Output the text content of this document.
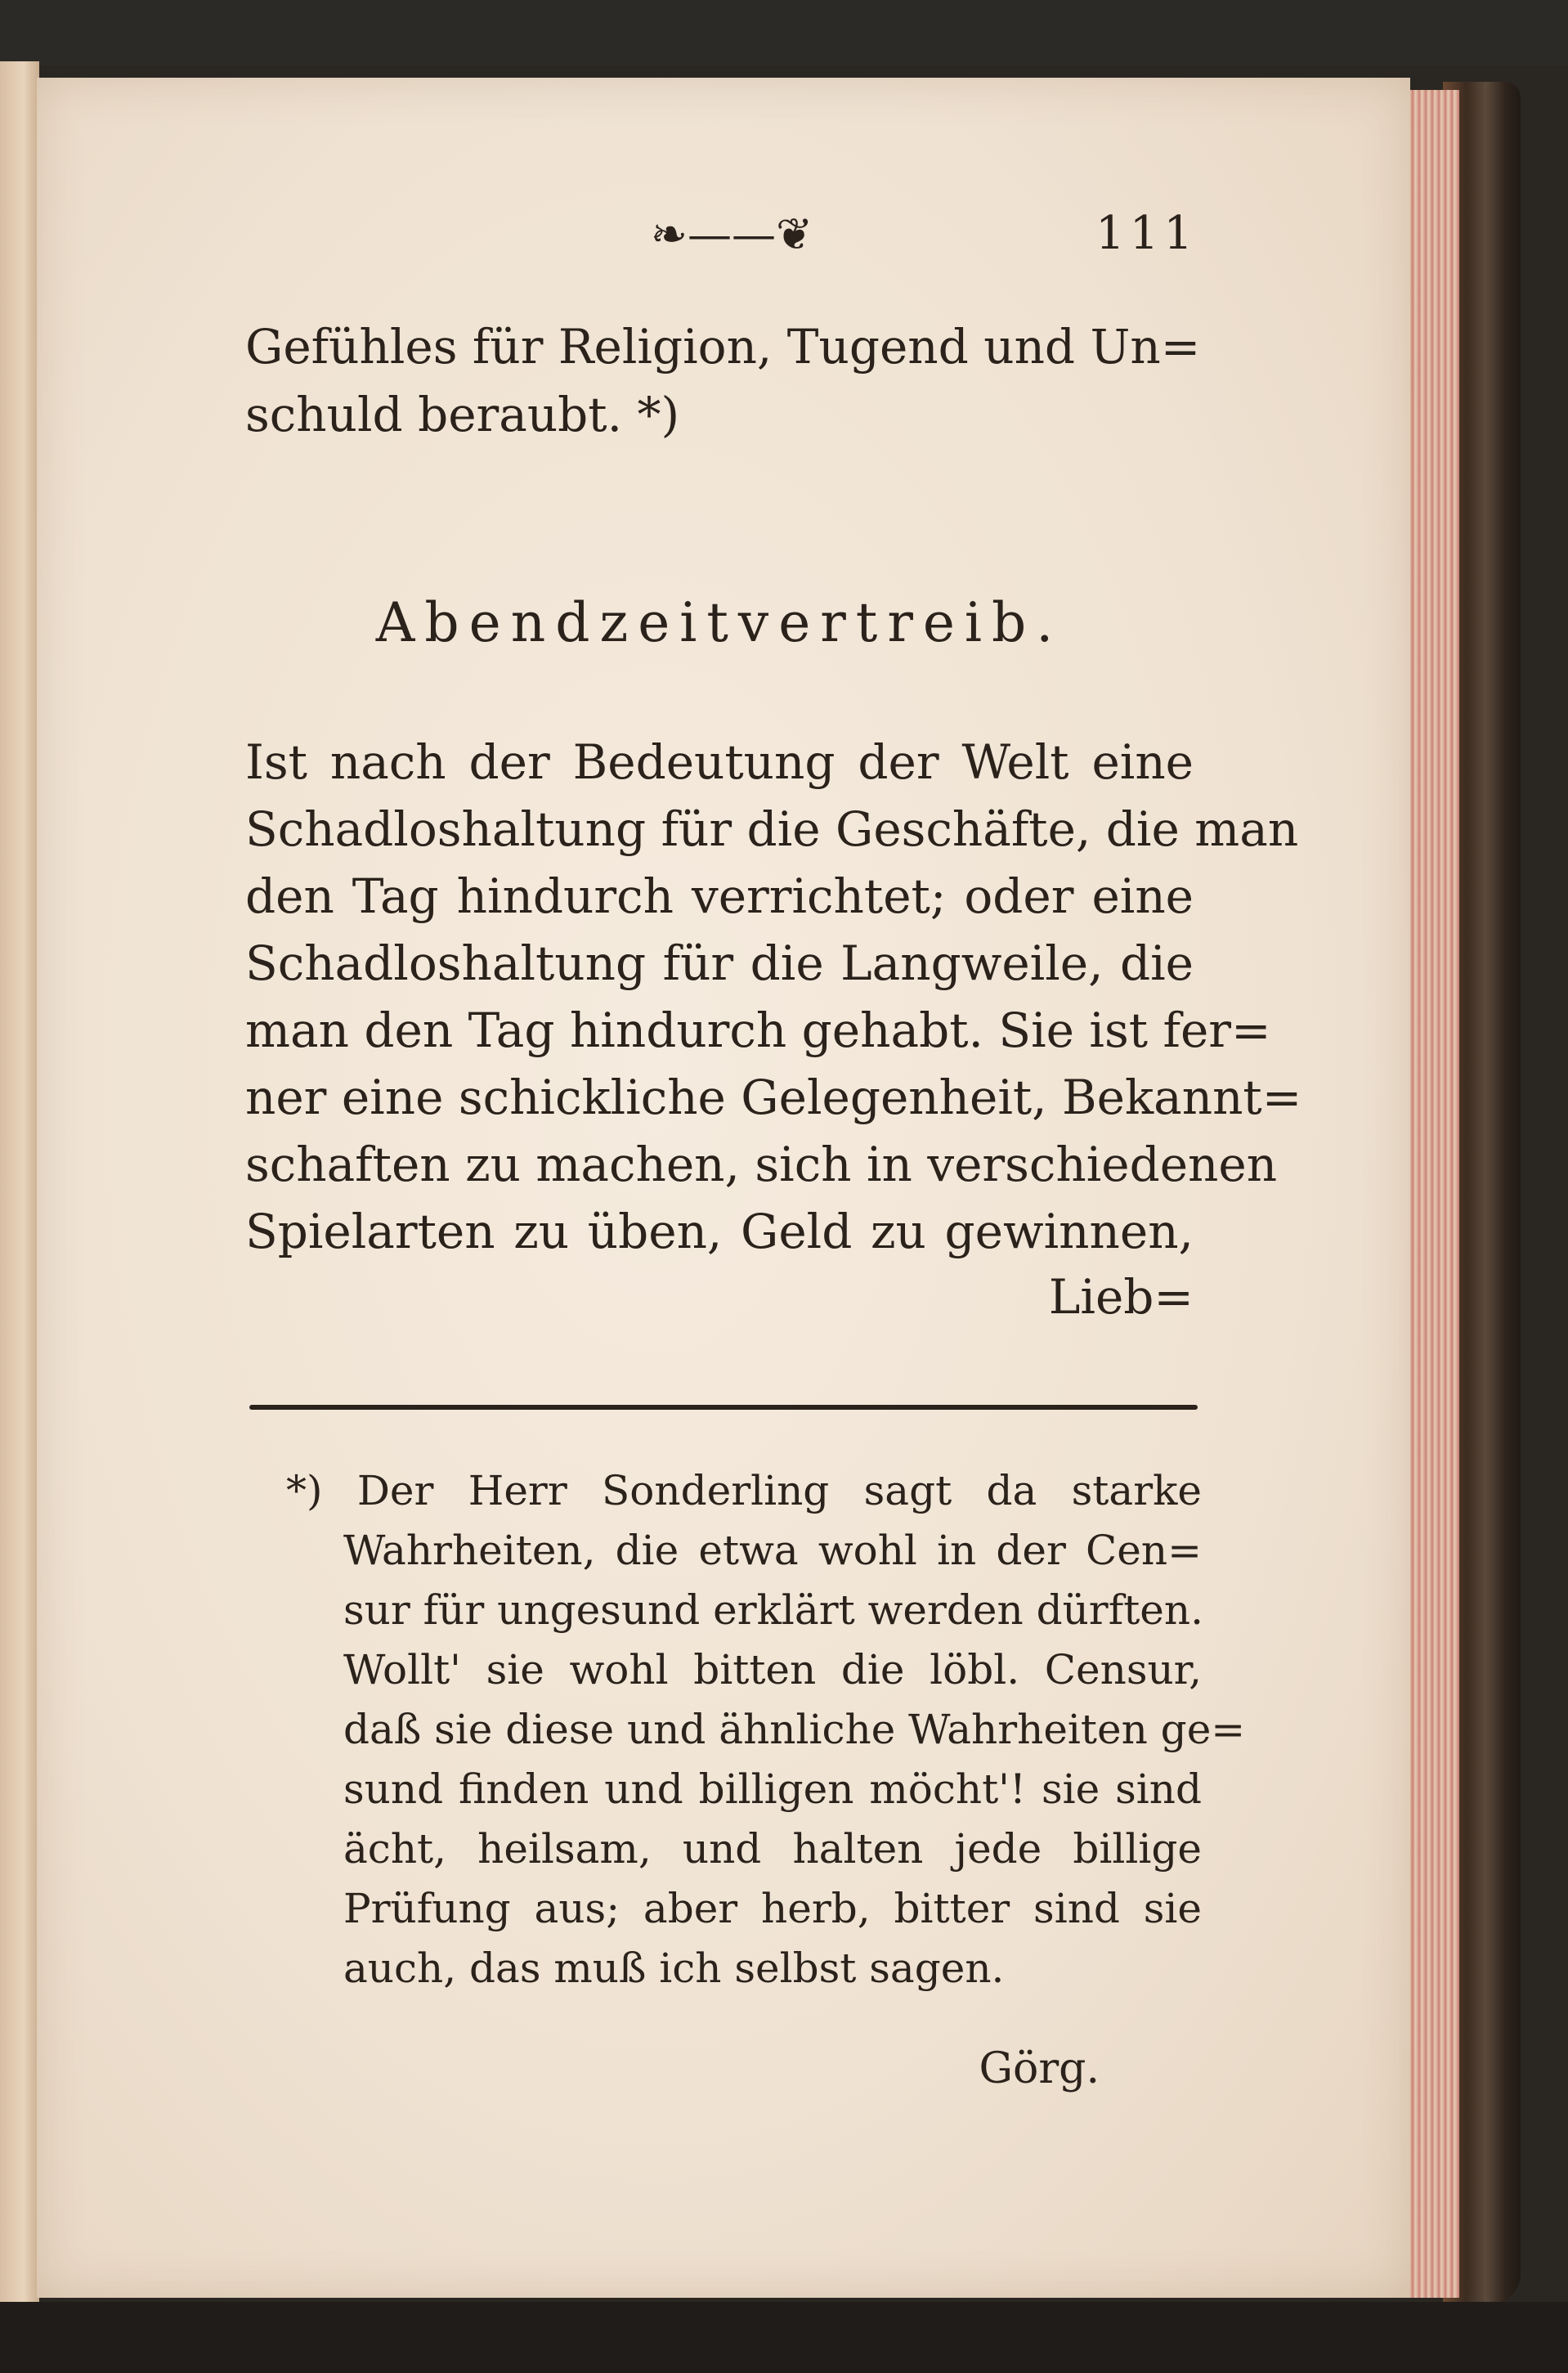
❧——❦	111
Gefühles für Religion, Tugend und Un=
schuld beraubt. *)
Abendzeitvertreib.
Ist nach der Bedeutung der Welt eine
Schadloshaltung für die Geschäfte, die man
den Tag hindurch verrichtet; oder eine
Schadloshaltung für die Langweile, die
man den Tag hindurch gehabt. Sie ist fer=
ner eine schickliche Gelegenheit, Bekannt=
schaften zu machen, sich in verschiedenen
Spielarten zu üben, Geld zu gewinnen,
Lieb=
*) Der Herr Sonderling sagt da starke
Wahrheiten, die etwa wohl in der Cen=
sur für ungesund erklärt werden dürften.
Wollt' sie wohl bitten die löbl. Censur,
daß sie diese und ähnliche Wahrheiten ge=
sund finden und billigen möcht'! sie sind
ächt, heilsam, und halten jede billige
Prüfung aus; aber herb, bitter sind sie
auch, das muß ich selbst sagen.
Görg.
